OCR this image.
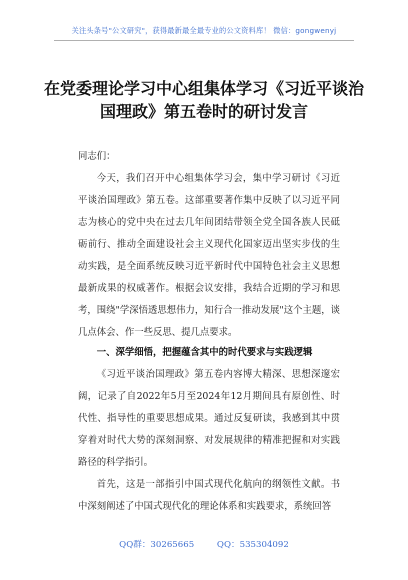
关注头条号"公文研究"，获得最新最全最专业的公文资料库！ 微信：gongwenyj
在党委理论学习中心组集体学习《习近平谈治国理政》第五卷时的研讨发言
同志们：
今天，我们召开中心组集体学习会，集中学习研讨《习近平谈治国理政》第五卷。这部重要著作集中反映了以习近平同志为核心的党中央在过去几年间团结带领全党全国各族人民砥砺前行、推动全面建设社会主义现代化国家迈出坚实步伐的生动实践，是全面系统反映习近平新时代中国特色社会主义思想最新成果的权威著作。根据会议安排，我结合近期的学习和思考，围绕"学深悟透思想伟力，知行合一推动发展"这个主题，谈几点体会、作一些反思、提几点要求。
一、深学细悟，把握蕴含其中的时代要求与实践逻辑
《习近平谈治国理政》第五卷内容博大精深、思想深邃宏阔，记录了自2022年5月至2024年12月期间具有原创性、时代性、指导性的重要思想成果。通过反复研读，我感到其中贯穿着对时代大势的深刻洞察、对发展规律的精准把握和对实践路径的科学指引。
首先，这是一部指引中国式现代化航向的纲领性文献。书中深刻阐述了中国式现代化的理论体系和实践要求，系统回答
QQ群：30265665	QQ：535304092
